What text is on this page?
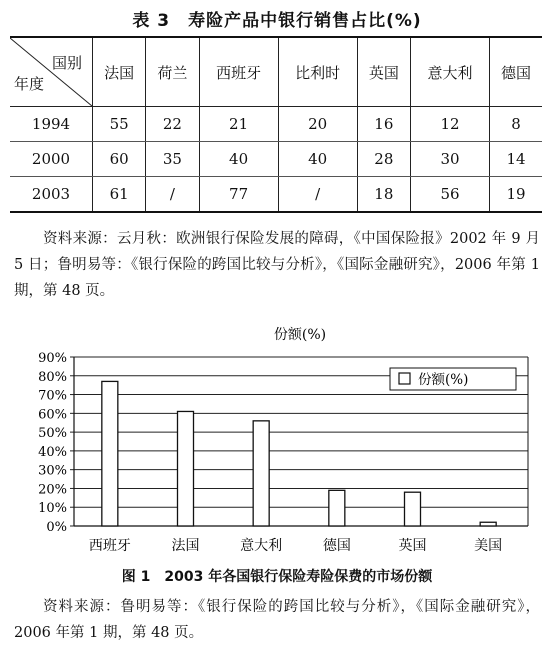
表 3　寿险产品中银行销售占比(%)
国别
年度	法国	荷兰	西班牙	比利时	英国	意大利	德国
1994	55	22	21	20	16	12	8
2000	60	35	40	40	28	30	14
2003	61	/	77	/	18	56	19
资料来源：云月秋：欧洲银行保险发展的障碍，《中国保险报》2002 年 9 月 5 日；鲁明易等：《银行保险的跨国比较与分析》，《国际金融研究》，2006 年第 1 期，第 48 页。
份额(%)
0%
10%
20%
30%
40%
50%
60%
70%
80%
90%
西班牙	法国	意大利	德国	英国	美国
份额(%)
图 1　2003 年各国银行保险寿险保费的市场份额
资料来源：鲁明易等：《银行保险的跨国比较与分析》，《国际金融研究》，2006 年第 1 期，第 48 页。
